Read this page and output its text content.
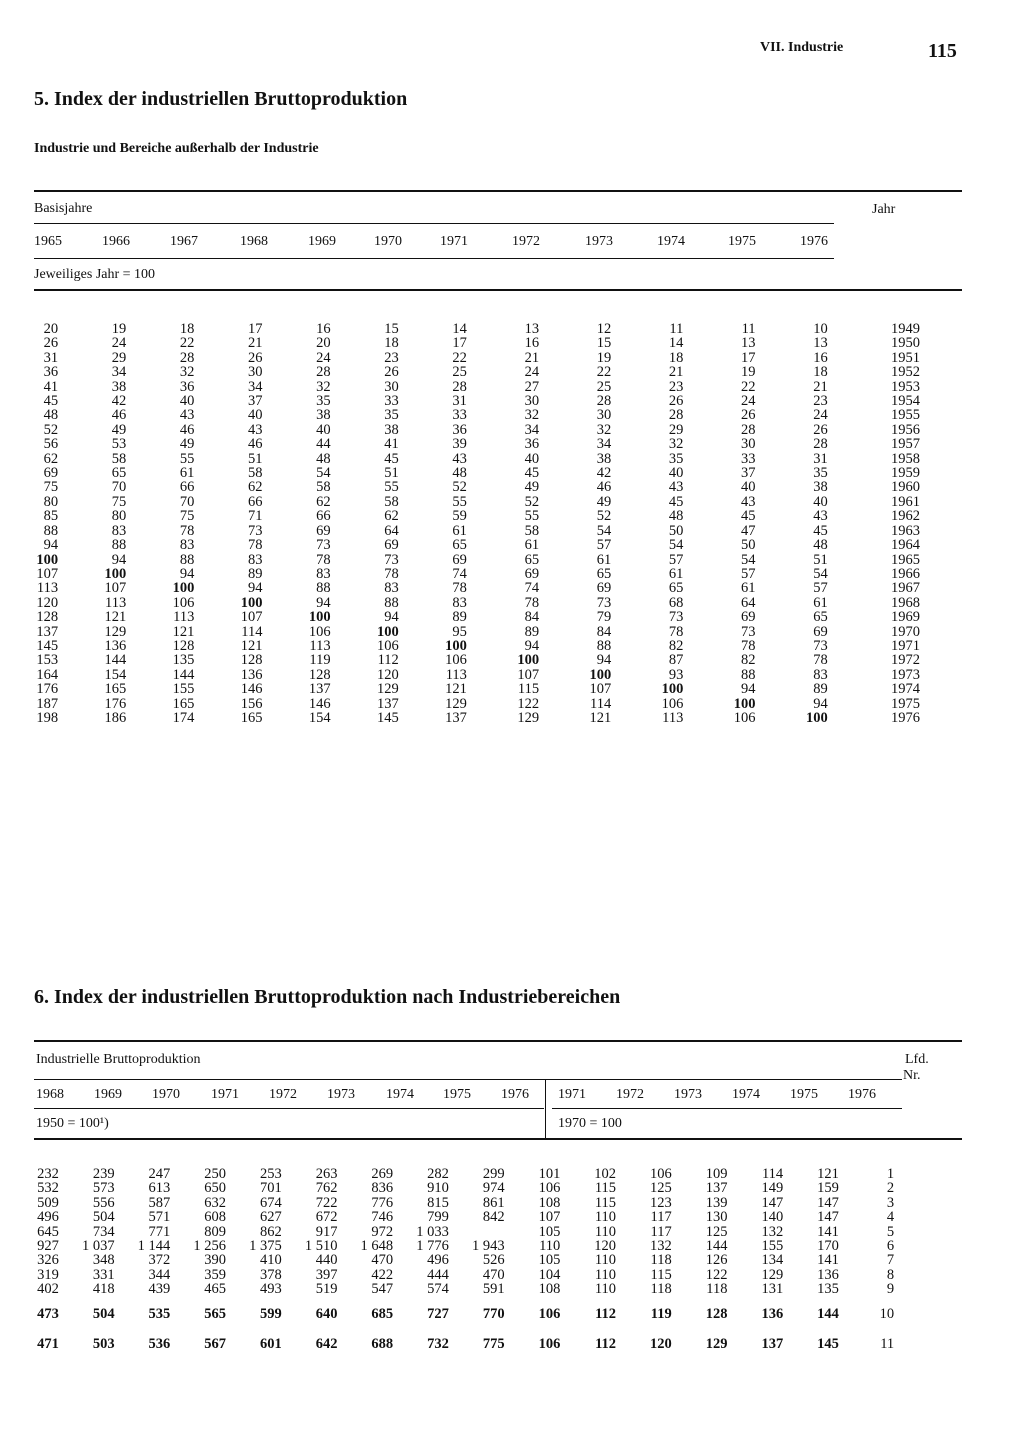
VII. Industrie	115
5. Index der industriellen Bruttoproduktion
Industrie und Bereiche außerhalb der Industrie
Basisjahre	Jahr
1965	1966	1967	1968	1969	1970	1971	1972	1973	1974	1975	1976
Jeweiliges Jahr = 100
20	19	18	17	16	15	14	13	12	11	11	10	1949
26	24	22	21	20	18	17	16	15	14	13	13	1950
31	29	28	26	24	23	22	21	19	18	17	16	1951
36	34	32	30	28	26	25	24	22	21	19	18	1952
41	38	36	34	32	30	28	27	25	23	22	21	1953
45	42	40	37	35	33	31	30	28	26	24	23	1954
48	46	43	40	38	35	33	32	30	28	26	24	1955
52	49	46	43	40	38	36	34	32	29	28	26	1956
56	53	49	46	44	41	39	36	34	32	30	28	1957
62	58	55	51	48	45	43	40	38	35	33	31	1958
69	65	61	58	54	51	48	45	42	40	37	35	1959
75	70	66	62	58	55	52	49	46	43	40	38	1960
80	75	70	66	62	58	55	52	49	45	43	40	1961
85	80	75	71	66	62	59	55	52	48	45	43	1962
88	83	78	73	69	64	61	58	54	50	47	45	1963
94	88	83	78	73	69	65	61	57	54	50	48	1964
100	94	88	83	78	73	69	65	61	57	54	51	1965
107	100	94	89	83	78	74	69	65	61	57	54	1966
113	107	100	94	88	83	78	74	69	65	61	57	1967
120	113	106	100	94	88	83	78	73	68	64	61	1968
128	121	113	107	100	94	89	84	79	73	69	65	1969
137	129	121	114	106	100	95	89	84	78	73	69	1970
145	136	128	121	113	106	100	94	88	82	78	73	1971
153	144	135	128	119	112	106	100	94	87	82	78	1972
164	154	144	136	128	120	113	107	100	93	88	83	1973
176	165	155	146	137	129	121	115	107	100	94	89	1974
187	176	165	156	146	137	129	122	114	106	100	94	1975
198	186	174	165	154	145	137	129	121	113	106	100	1976
6. Index der industriellen Bruttoproduktion nach Industriebereichen
Industrielle Bruttoproduktion	Lfd.
Nr.
1968 1969 1970 1971 1972 1973 1974 1975 1976 1971 1972 1973 1974 1975 1976
1950 = 100¹)	1970 = 100
232	239	247	250	253	263	269	282	299	101	102	106	109	114	121	1
532	573	613	650	701	762	836	910	974	106	115	125	137	149	159	2
509	556	587	632	674	722	776	815	861	108	115	123	139	147	147	3
496	504	571	608	627	672	746	799	842	107	110	117	130	140	147	4
645	734	771	809	862	917	972	1 033		105	110	117	125	132	141	5
927	1 037	1 144	1 256	1 375	1 510	1 648	1 776	1 943	110	120	132	144	155	170	6
326	348	372	390	410	440	470	496	526	105	110	118	126	134	141	7
319	331	344	359	378	397	422	444	470	104	110	115	122	129	136	8
402	418	439	465	493	519	547	574	591	108	110	118	118	131	135	9
473	504	535	565	599	640	685	727	770	106	112	119	128	136	144	10
471	503	536	567	601	642	688	732	775	106	112	120	129	137	145	11
